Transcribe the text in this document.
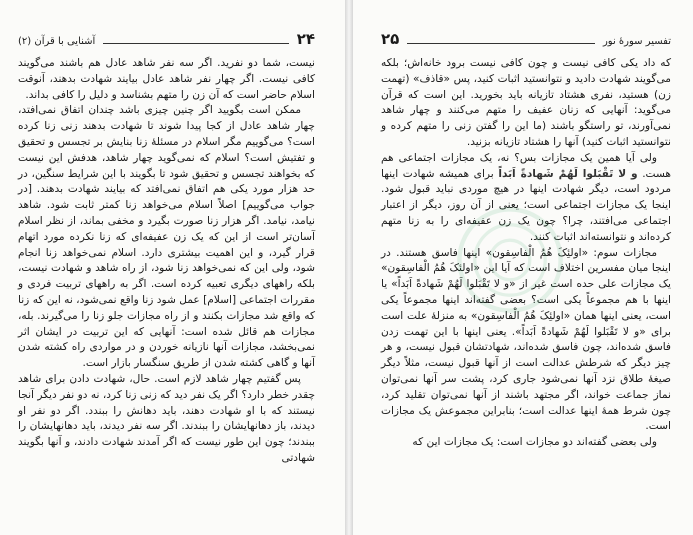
۲۴
آشنایی با قرآن (۲)

نیست، شما دو نفرید. اگر سه نفر شاهد عادل هم باشند می‌گویند کافی نیست. اگر چهار نفر شاهد عادل بیایند شهادت بدهند، آنوقت اسلام حاضر است که آن زن را متهم بشناسد و دلیل را کافی بداند.

ممکن است بگویید اگر چنین چیزی باشد چندان اتفاق نمی‌افتد، چهار شاهد عادل از کجا پیدا شوند تا شهادت بدهند زنی زنا کرده است؟ می‌گوییم مگر اسلام در مسئلهٔ زنا بنایش بر تجسس و تحقیق و تفتیش است؟ اسلام که نمی‌گوید چهار شاهد، هدفش این نیست که بخواهند تجسس و تحقیق شود تا بگویند با این شرایط سنگین، در حد هزار مورد یکی هم اتفاق نمی‌افتد که بیایند شهادت بدهند. [در جواب می‌گوییم] اصلاً اسلام می‌خواهد زنا کمتر ثابت شود. شاهد نیامد، نیامد. اگر هزار زنا صورت بگیرد و مخفی بماند، از نظر اسلام آسان‌تر است از این که یک زن عفیفه‌ای که زنا نکرده مورد اتهام قرار گیرد، و این اهمیت بیشتری دارد. اسلام نمی‌خواهد زنا انجام شود، ولی این که نمی‌خواهد زنا شود، از راه شاهد و شهادت نیست، بلکه راههای دیگری تعبیه کرده است. اگر به راههای تربیت فردی و مقررات اجتماعی [اسلام] عمل شود زنا واقع نمی‌شود، نه این که زنا که واقع شد مجازات بکنند و از راه مجازات جلو زنا را می‌گیرند. بله، مجازات هم قائل شده است: آنهایی که این تربیت در ایشان اثر نمی‌بخشد، مجازات آنها نازیانه خوردن و در مواردی راه کشته شدن آنها و گاهی کشته شدن از طریق سنگسار بازار است.

پس گفتیم چهار شاهد لازم است. حال، شهادت دادن برای شاهد چقدر خطر دارد؟ اگر یک نفر دید که زنی زنا کرد، نه دو نفر دیگر آنجا نیستند که با او شهادت دهند، باید دهانش را ببندد. اگر دو نفر او دیدند، باز دهانهایشان را ببندند. اگر سه نفر دیدند، باید دهانهایشان را ببندند؛ چون این طور نیست که اگر آمدند شهادت دادند، و آنها بگویند شهادتی

تفسیر سورهٔ نور
۲۵

که داد یکی کافی نیست و چون کافی نیست برود خانه‌اش؛ بلکه می‌گویند شهادت دادید و نتوانستید اثبات کنید، پس «قاذف» (تهمت زن) هستید، نفری هشتاد تازیانه باید بخورید. این است که قرآن می‌گوید: آنهایی که زنان عفیف را متهم می‌کنند و چهار شاهد نمی‌آورند، تو راستگو باشند (ما این را گفتن زنی را متهم کرده و نتوانستید اثبات کنید) آنها را هشتاد تازیانه بزنید.

ولی آیا همین یک مجازات بس؟ نه، یک مجازات اجتماعی هم هست. و ‌لا تَقْبَلوا لَهُمْ شَهادةً اَبَداً برای همیشه شهادت اینها مردود است، دیگر شهادت اینها در هیچ موردی نباید قبول شود. اینجا یک مجازات اجتماعی است؛ یعنی از آن روز، دیگر از اعتبار اجتماعی می‌افتند، چرا؟ چون یک زن عفیفه‌ای را به زنا متهم کرده‌اند و نتوانسته‌اند اثبات کنند.

مجازات سوم: «اولئِکَ هُمُ الْفاسِقون» اینها فاسق هستند. در اینجا میان مفسرین اختلاف است که آیا این «اولئکَ هُمُ الْفاسِقون» یک مجازات علی حده است غیر از «و لا تَقْبَلوا لَهُمْ شَهادةً اَبَداً» یا اینها با هم مجموعاً یکی است؟ بعضی گفته‌اند اینها مجموعاً یکی است، یعنی اینها همان «اولئِکَ هُمُ الْفاسِقون» به منزلهٔ علت است برای «و لا تَقْبَلوا لَهُمْ شَهادةً اَبَداً». یعنی اینها با این تهمت زدن فاسق شده‌اند، چون فاسق شده‌اند، شهادتشان قبول نیست، و هر چیز دیگر که شرطش عدالت است از آنها قبول نیست، مثلاً دیگر صیغهٔ طلاق نزد آنها نمی‌شود جاری کرد، پشت سر آنها نمی‌توان نماز جماعت خواند، اگر مجتهد باشند از آنها نمی‌توان تقلید کرد، چون شرط همهٔ اینها عدالت است؛ بنابراین مجموعش یک مجازات است.

ولی بعضی گفته‌اند دو مجازات است: یک مجازات این که
